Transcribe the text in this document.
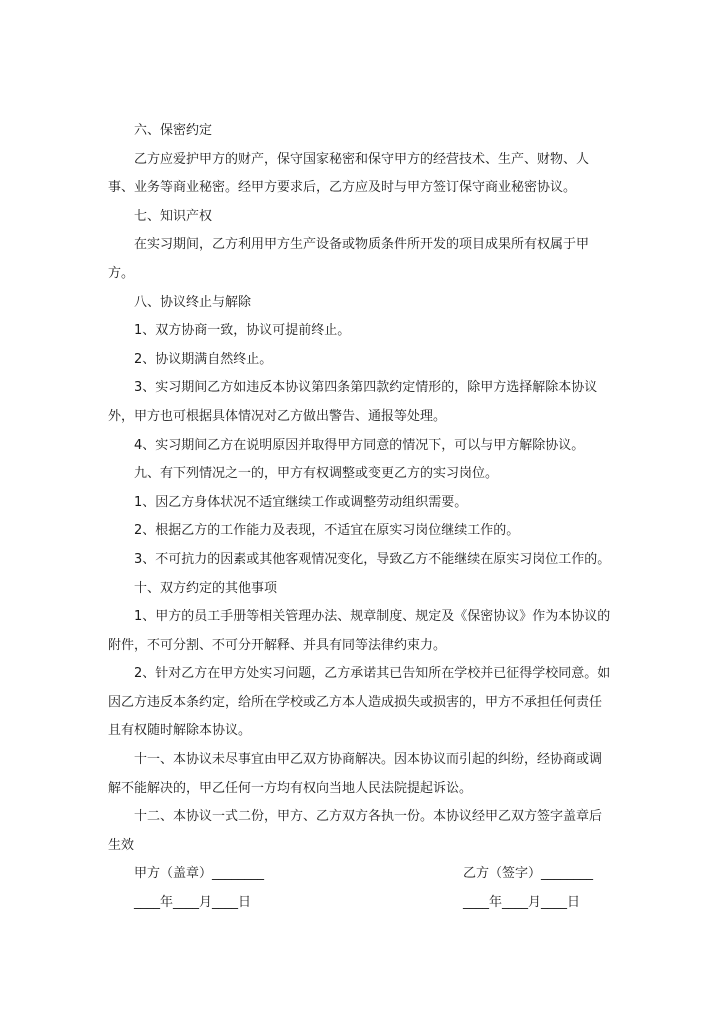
六、保密约定

乙方应爱护甲方的财产，保守国家秘密和保守甲方的经营技术、生产、财物、人事、业务等商业秘密。经甲方要求后，乙方应及时与甲方签订保守商业秘密协议。

七、知识产权

在实习期间，乙方利用甲方生产设备或物质条件所开发的项目成果所有权属于甲方。

八、协议终止与解除

1、双方协商一致，协议可提前终止。

2、协议期满自然终止。

3、实习期间乙方如违反本协议第四条第四款约定情形的，除甲方选择解除本协议外，甲方也可根据具体情况对乙方做出警告、通报等处理。

4、实习期间乙方在说明原因并取得甲方同意的情况下，可以与甲方解除协议。

九、有下列情况之一的，甲方有权调整或变更乙方的实习岗位。

1、因乙方身体状况不适宜继续工作或调整劳动组织需要。

2、根据乙方的工作能力及表现，不适宜在原实习岗位继续工作的。

3、不可抗力的因素或其他客观情况变化，导致乙方不能继续在原实习岗位工作的。

十、双方约定的其他事项

1、甲方的员工手册等相关管理办法、规章制度、规定及《保密协议》作为本协议的附件，不可分割、不可分开解释、并具有同等法律约束力。

2、针对乙方在甲方处实习问题，乙方承诺其已告知所在学校并已征得学校同意。如因乙方违反本条约定，给所在学校或乙方本人造成损失或损害的，甲方不承担任何责任且有权随时解除本协议。

十一、本协议未尽事宜由甲乙双方协商解决。因本协议而引起的纠纷，经协商或调解不能解决的，甲乙任何一方均有权向当地人民法院提起诉讼。

十二、本协议一式二份，甲方、乙方双方各执一份。本协议经甲乙双方签字盖章后生效

甲方（盖章）________	乙方（签字）________
____年____月____日	____年____月____日
